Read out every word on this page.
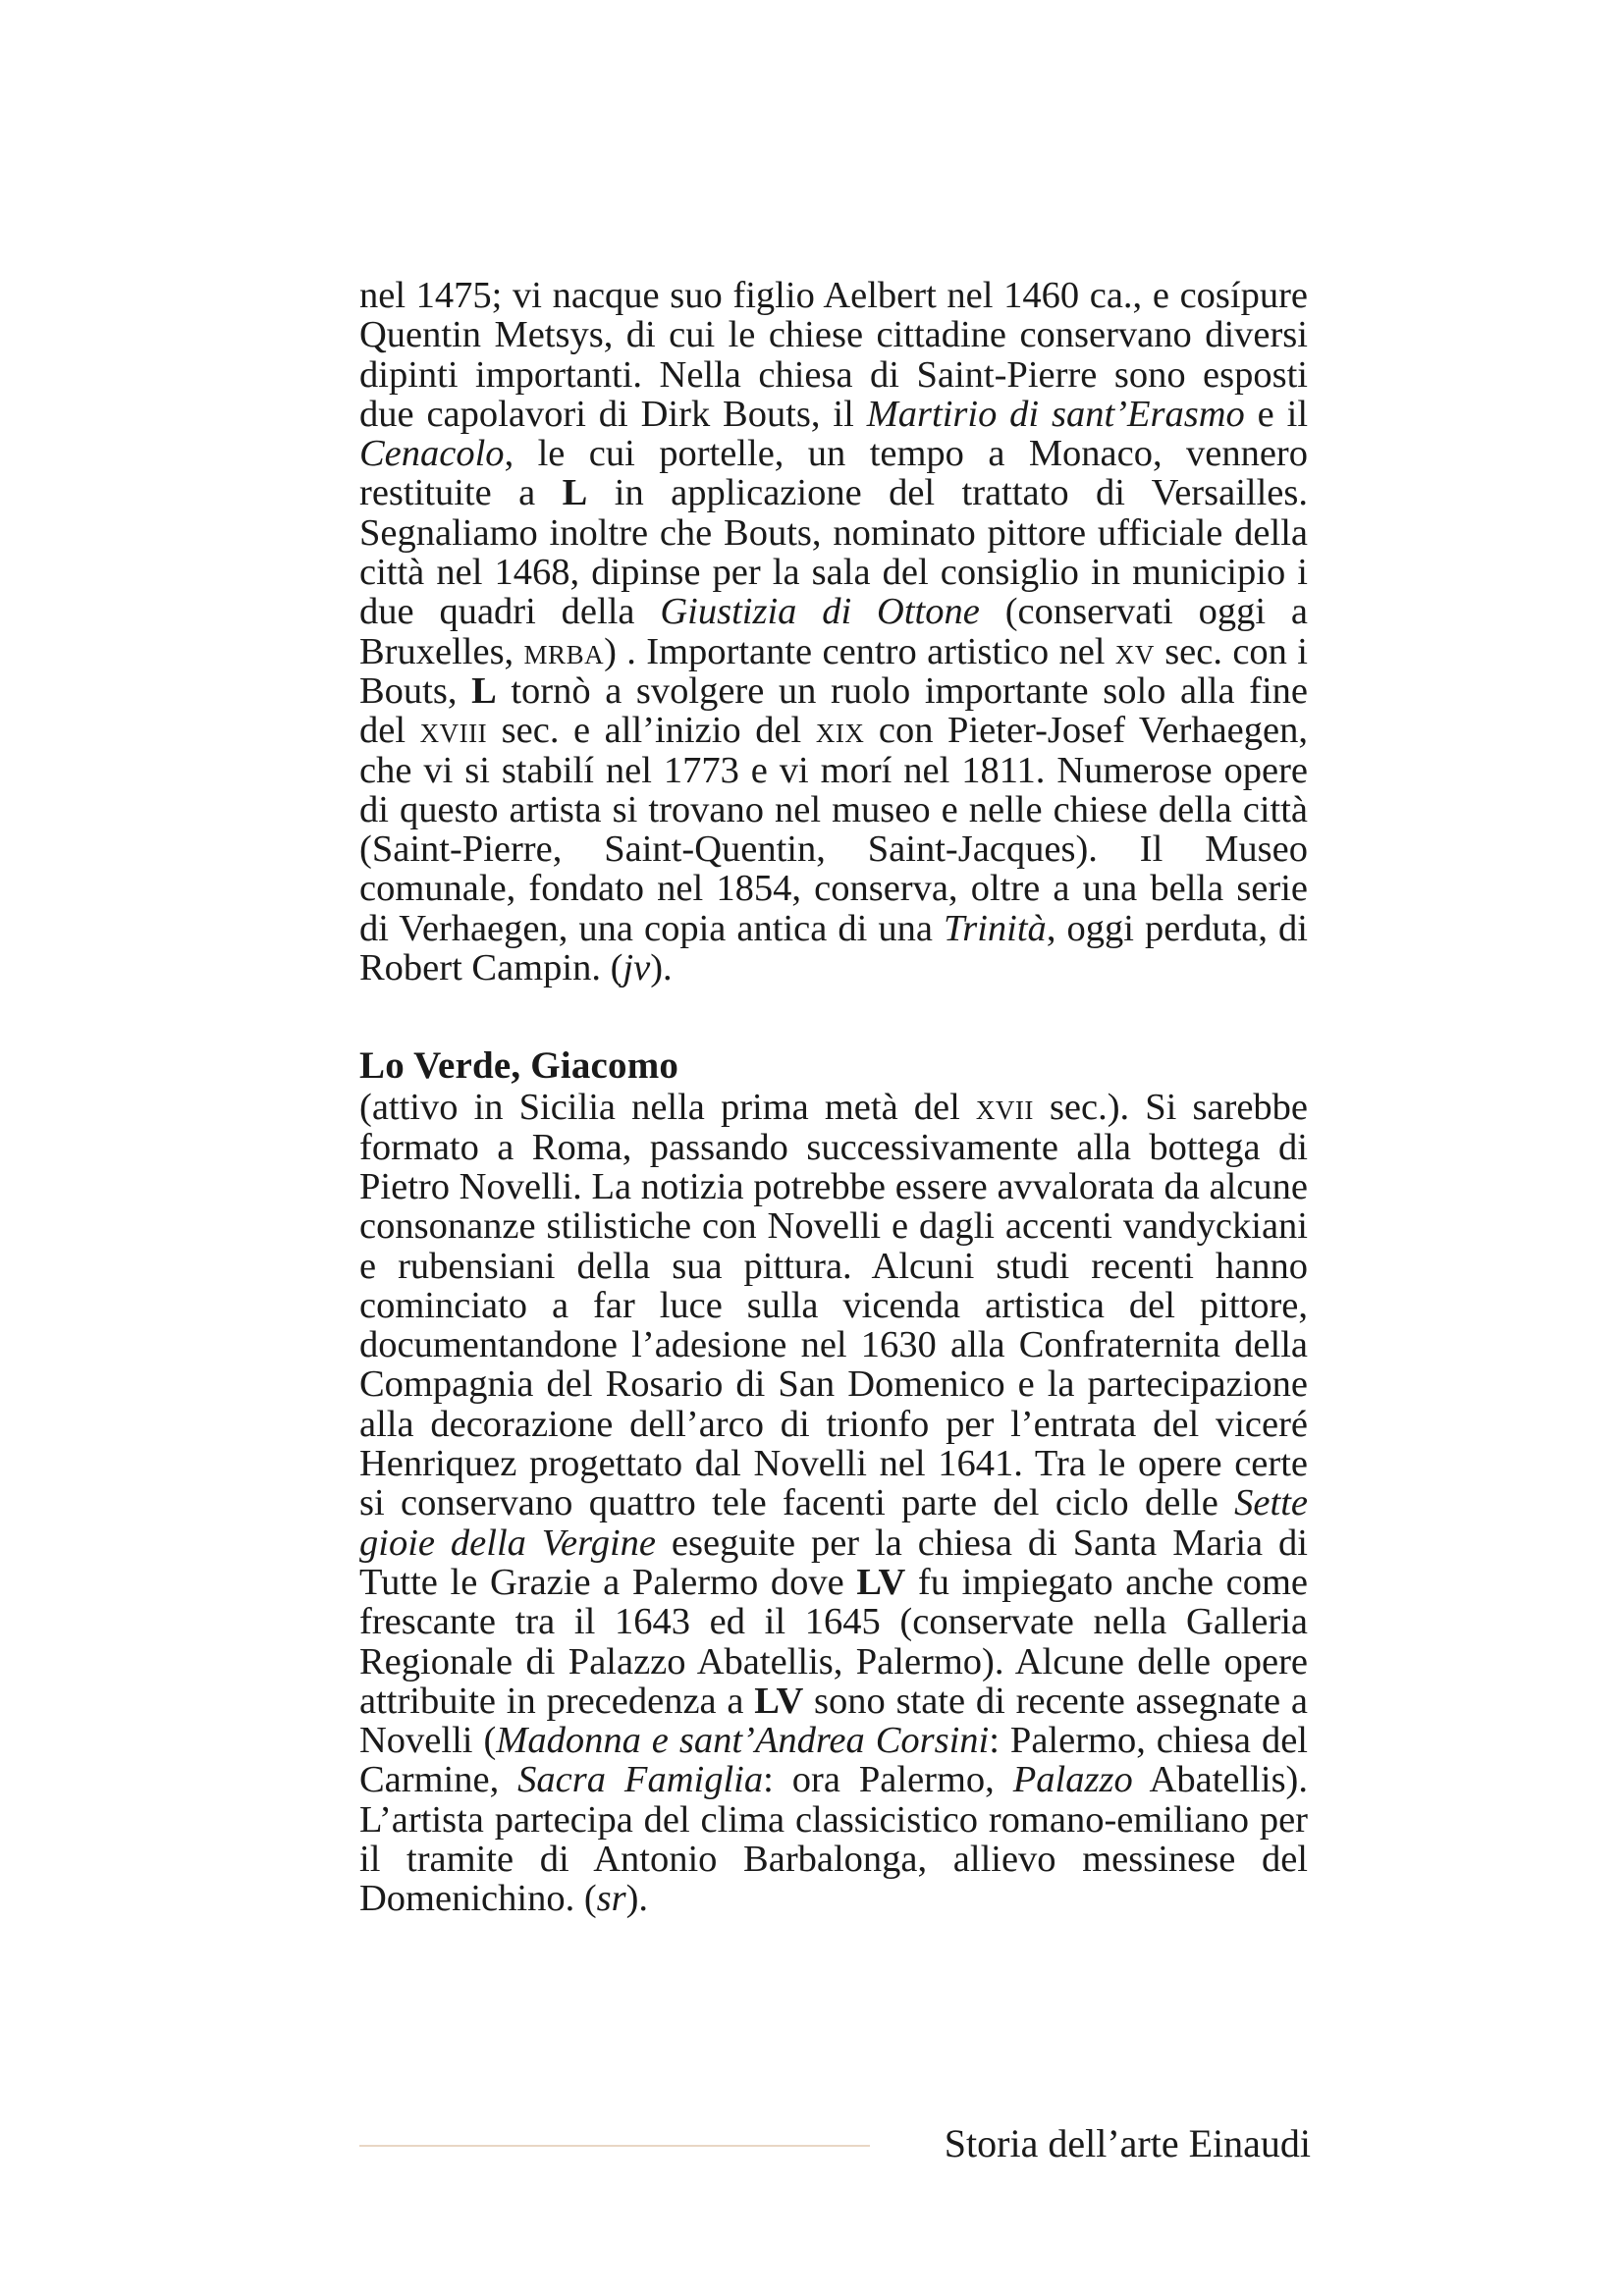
nel 1475; vi nacque suo figlio Aelbert nel 1460 ca., e cosípure Quentin Metsys, di cui le chiese cittadine conservano diversi dipinti importanti. Nella chiesa di Saint-Pierre sono esposti due capolavori di Dirk Bouts, il Martirio di sant’Erasmo e il Cenacolo, le cui portelle, un tempo a Monaco, vennero restituite a L in applicazione del trattato di Versailles. Segnaliamo inoltre che Bouts, nominato pittore ufficiale della città nel 1468, dipinse per la sala del consiglio in municipio i due quadri della Giustizia di Ottone (conservati oggi a Bruxelles, mrba) . Importante centro artistico nel xv sec. con i Bouts, L tornò a svolgere un ruolo importante solo alla fine del xviii sec. e all’inizio del xix con Pieter-Josef Verhaegen, che vi si stabilí nel 1773 e vi morí nel 1811. Numerose opere di questo artista si trovano nel museo e nelle chiese della città (Saint-Pierre, Saint-Quentin, Saint-Jacques). Il Museo comunale, fondato nel 1854, conserva, oltre a una bella serie di Verhaegen, una copia antica di una Trinità, oggi perduta, di Robert Campin. (jv).

Lo Verde, Giacomo

(attivo in Sicilia nella prima metà del xvii sec.). Si sarebbe formato a Roma, passando successivamente alla bottega di Pietro Novelli. La notizia potrebbe essere avvalorata da alcune consonanze stilistiche con Novelli e dagli accenti vandyckiani e rubensiani della sua pittura. Alcuni studi recenti hanno cominciato a far luce sulla vicenda artistica del pittore, documentandone l’adesione nel 1630 alla Confraternita della Compagnia del Rosario di San Domenico e la partecipazione alla decorazione dell’arco di trionfo per l’entrata del viceré Henriquez progettato dal Novelli nel 1641. Tra le opere certe si conservano quattro tele facenti parte del ciclo delle Sette gioie della Vergine eseguite per la chiesa di Santa Maria di Tutte le Grazie a Palermo dove LV fu impiegato anche come frescante tra il 1643 ed il 1645 (conservate nella Galleria Regionale di Palazzo Abatellis, Palermo). Alcune delle opere attribuite in precedenza a LV sono state di recente assegnate a Novelli (Madonna e sant’Andrea Corsini: Palermo, chiesa del Carmine, Sacra Famiglia: ora Palermo, Palazzo Abatellis). L’artista partecipa del clima classicistico romano-emiliano per il tramite di Antonio Barbalonga, allievo messinese del Domenichino. (sr).

Storia dell’arte Einaudi
